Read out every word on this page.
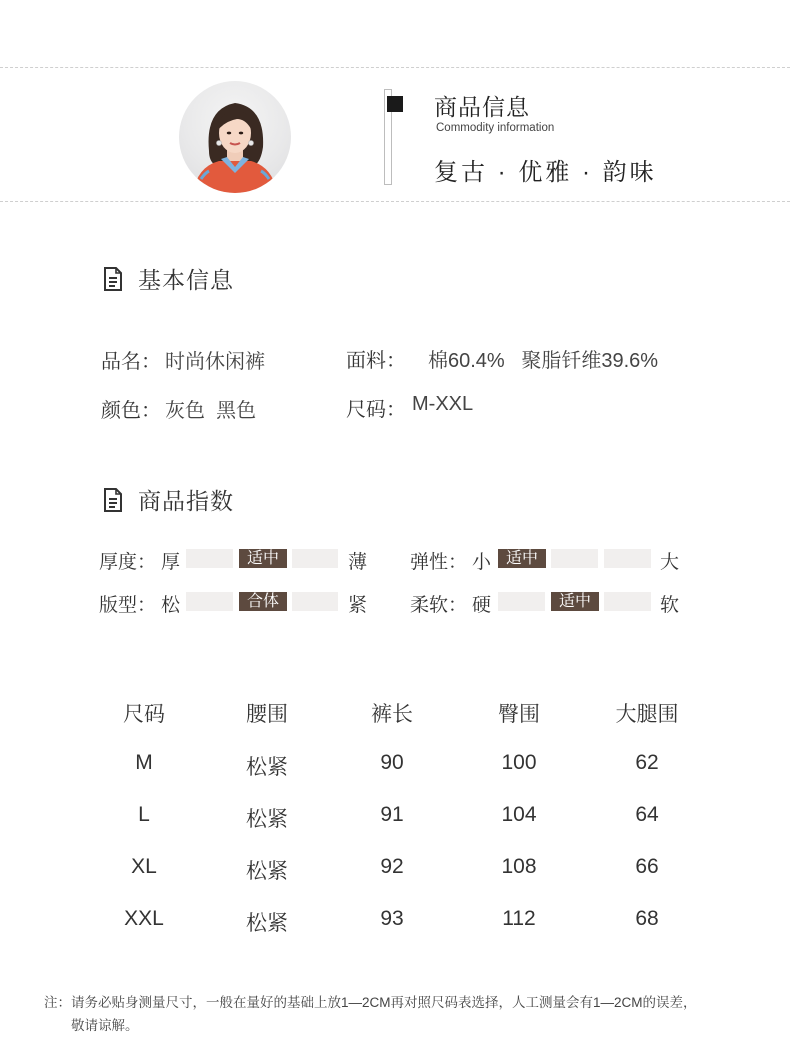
商品信息
Commodity information
复古 · 优雅 · 韵味
基本信息
品名： 时尚休闲裤	面料： 棉60.4%   聚脂钎维39.6%
颜色： 灰色  黑色	尺码： M-XXL
商品指数
厚度： 厚	适中	薄 弹性： 小 适中	大
版型： 松	合体	紧 柔软： 硬	适中	软
尺码	腰围	裤长	臀围	大腿围
M	松紧	90	100	62
L	松紧	91	104	64
XL	松紧	92	108	66
XXL	松紧	93	112	68
注：请务必贴身测量尺寸，一般在量好的基础上放1—2CM再对照尺码表选择，人工测量会有1—2CM的误差，
敬请谅解。
